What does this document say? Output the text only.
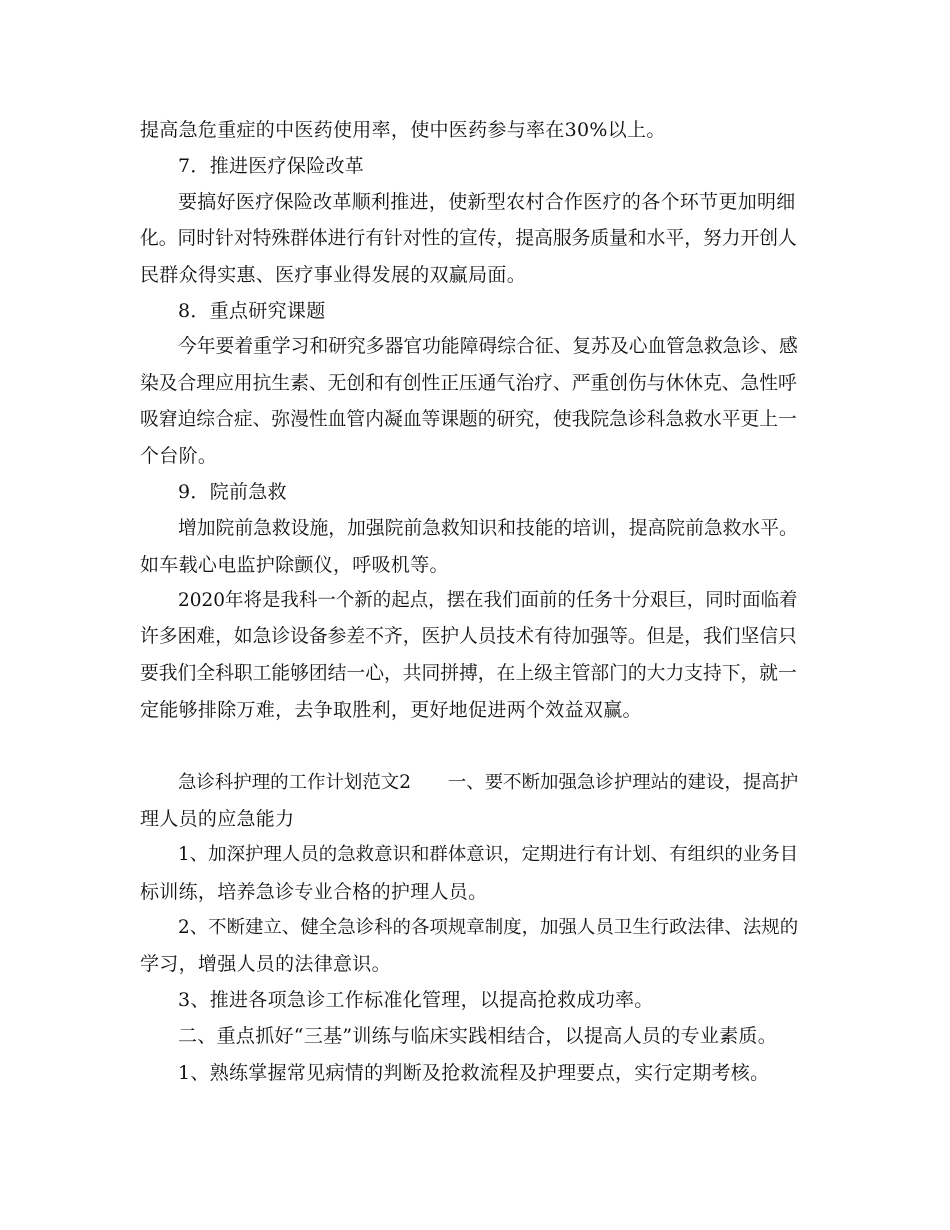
提高急危重症的中医药使用率，使中医药参与率在30%以上。
7．推进医疗保险改革
要搞好医疗保险改革顺利推进，使新型农村合作医疗的各个环节更加明细
化。同时针对特殊群体进行有针对性的宣传，提高服务质量和水平，努力开创人
民群众得实惠、医疗事业得发展的双赢局面。
8．重点研究课题
今年要着重学习和研究多器官功能障碍综合征、复苏及心血管急救急诊、感
染及合理应用抗生素、无创和有创性正压通气治疗、严重创伤与休休克、急性呼
吸窘迫综合症、弥漫性血管内凝血等课题的研究，使我院急诊科急救水平更上一
个台阶。
9．院前急救
增加院前急救设施，加强院前急救知识和技能的培训，提高院前急救水平。
如车载心电监护除颤仪，呼吸机等。
2020年将是我科一个新的起点，摆在我们面前的任务十分艰巨，同时面临着
许多困难，如急诊设备参差不齐，医护人员技术有待加强等。但是，我们坚信只
要我们全科职工能够团结一心，共同拼搏，在上级主管部门的大力支持下，就一
定能够排除万难，去争取胜利，更好地促进两个效益双赢。
急诊科护理的工作计划范文2　　一、要不断加强急诊护理站的建设，提高护
理人员的应急能力
1、加深护理人员的急救意识和群体意识，定期进行有计划、有组织的业务目
标训练，培养急诊专业合格的护理人员。
2、不断建立、健全急诊科的各项规章制度，加强人员卫生行政法律、法规的
学习，增强人员的法律意识。
3、推进各项急诊工作标准化管理，以提高抢救成功率。
二、重点抓好“三基”训练与临床实践相结合，以提高人员的专业素质。
1、熟练掌握常见病情的判断及抢救流程及护理要点，实行定期考核。
